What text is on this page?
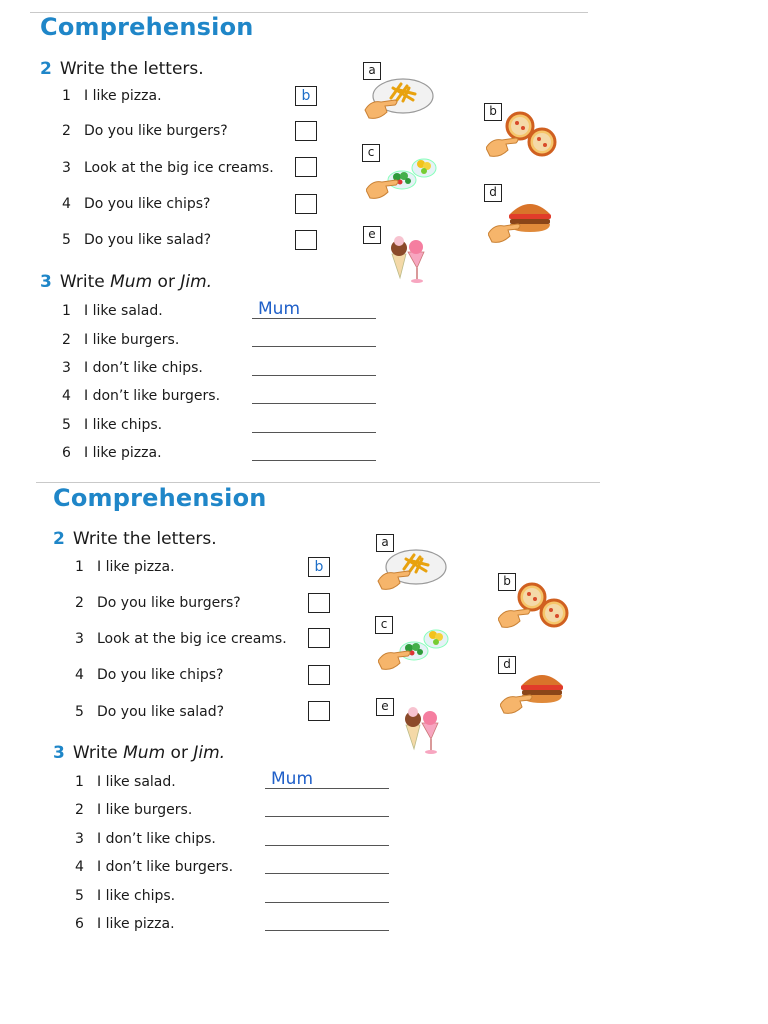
Comprehension
2 Write the letters.
1 I like pizza.	b
2 Do you like burgers?
3 Look at the big ice creams.
4 Do you like chips?
5 Do you like salad?
a
b
c
d
e
3 Write Mum or Jim.
1 I like salad.	Mum
2 I like burgers.
3 I don’t like chips.
4 I don’t like burgers.
5 I like chips.
6 I like pizza.
Comprehension
2 Write the letters.
1 I like pizza.	b
2 Do you like burgers?
3 Look at the big ice creams.
4 Do you like chips?
5 Do you like salad?
a
b
c
d
e
3 Write Mum or Jim.
1 I like salad.	Mum
2 I like burgers.
3 I don’t like chips.
4 I don’t like burgers.
5 I like chips.
6 I like pizza.
